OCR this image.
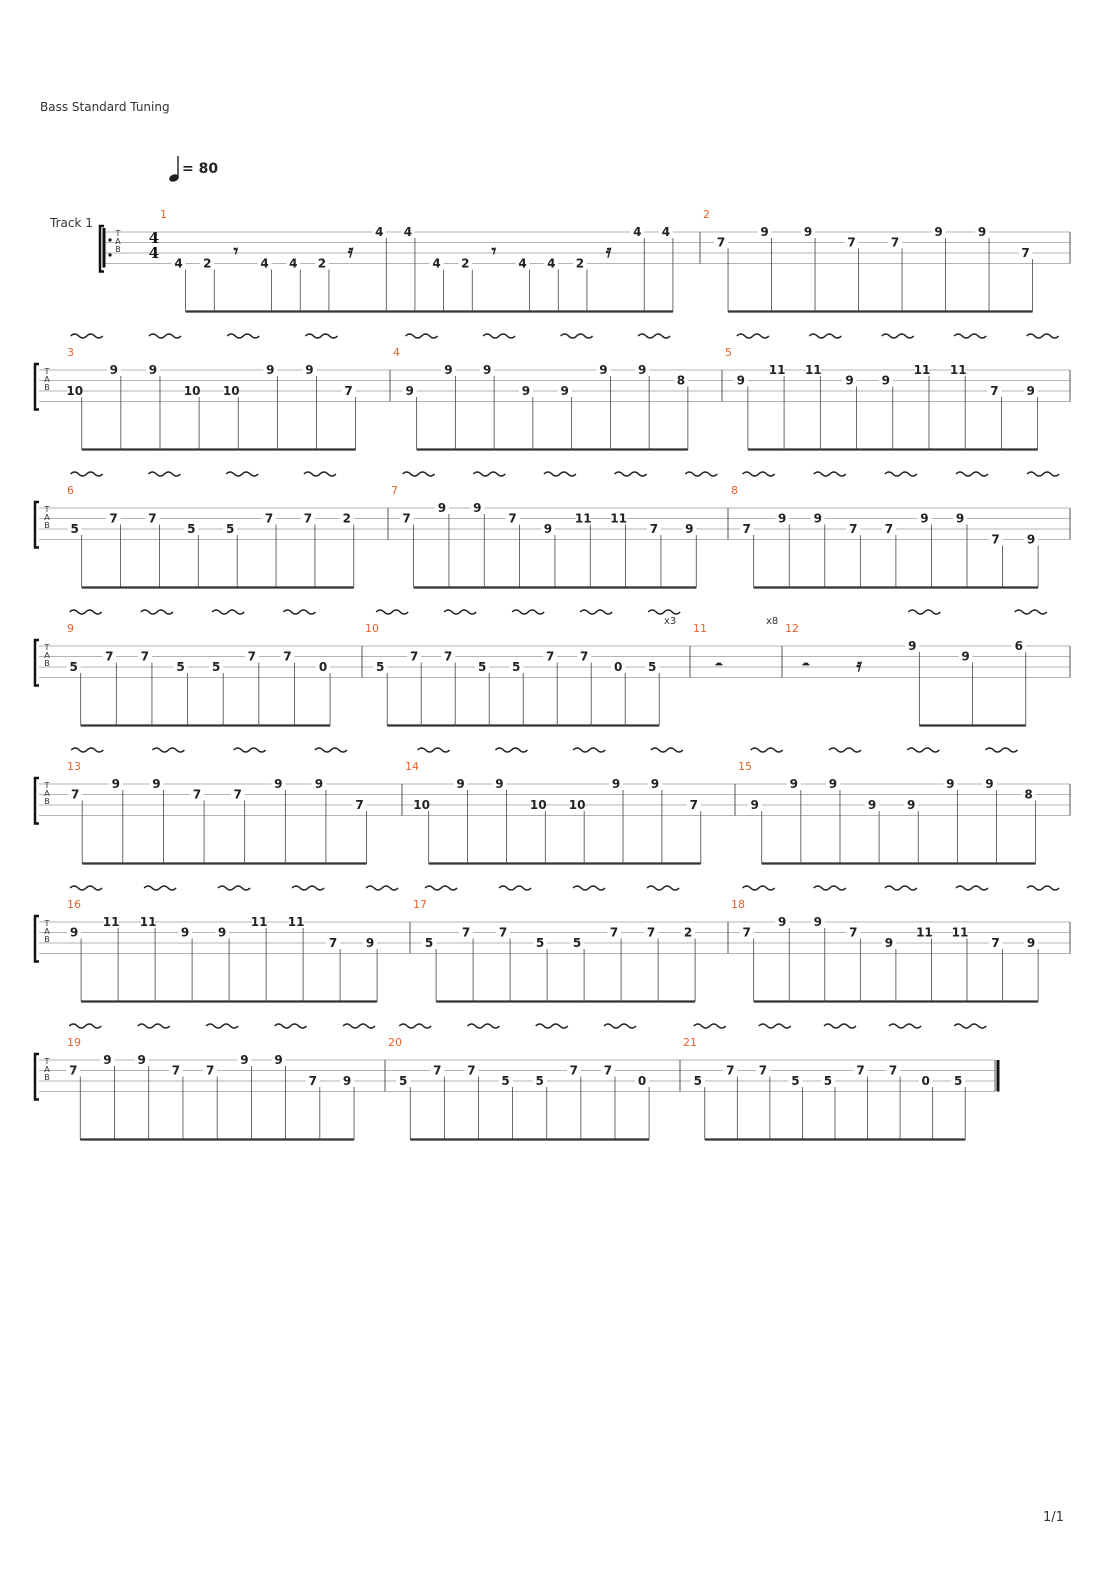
Bass Standard Tuning
Track 1
= 80
1/1
T
A
B
4
4
1
4 2
𝄾
4 4 2
𝄿
4 4
4 2
𝄾
4 4 2
𝄿
4 4
2
7
9	9
7	7
9	9
7
T
A
B
3
10
9	9
10 10
9	9
7
4
9
9	9
9	9
9	9
8
5
9
11 11
9 9
11 11
7 9
T
A
B
6
5
7	7
5	5
7	7	2
7
7
9 9
7
9
11 11
7 9
8
7
9 9
7 7
9 9
7 9
T
A
B
9
5
7 7
5 5
7 7
0
10
5
7 7
5 5
7 7
0 5
11
𝄼
12
𝄼	𝄿
9
9
6
T
A
B
13
7
9	9
7	7
9	9
7
14
10
9	9
10 10
9	9
7
15
9
9	9
9	9
9	9
8
T
A
B
16
9
11 11
9 9
11 11
7 9
17
5
7 7
5 5
7 7 2
18
7
9 9
7
9
11 11
7 9
T
A
B
19
7
9 9
7 7
9 9
7 9
20
5
7 7
5 5
7 7
0
21
5
7 7
5 5
7 7
0 5
x3	x8
